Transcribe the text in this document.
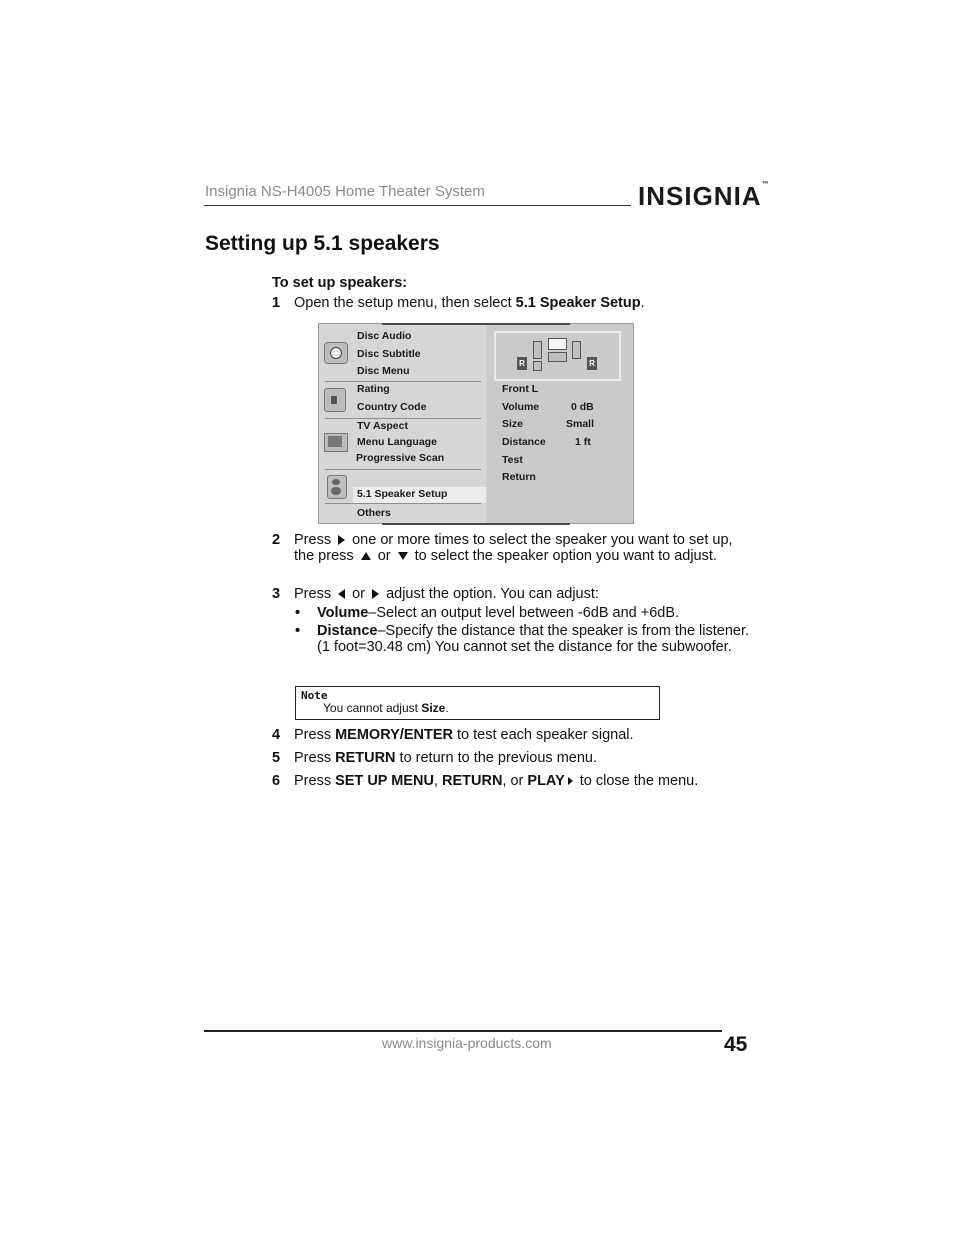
Insignia NS-H4005 Home Theater System	INSIGNIA™
Setting up 5.1 speakers
To set up speakers:
1 Open the setup menu, then select 5.1 Speaker Setup.
Disc Audio
Disc Subtitle
Disc Menu
Rating
Country Code
TV Aspect
Menu Language
Progressive Scan
5.1 Speaker Setup
Others
R	R
Front L
Volume	0 dB
Size	Small
Distance	1 ft
Test
Return
2 Press  one or more times to select the speaker you want to set up, the press  or  to select the speaker option you want to adjust.
3 Press  or  adjust the option. You can adjust:
• Volume–Select an output level between -6dB and +6dB.
• Distance–Specify the distance that the speaker is from the listener. (1 foot=30.48 cm) You cannot set the distance for the subwoofer.
Note
You cannot adjust Size.
4 Press MEMORY/ENTER to test each speaker signal.
5 Press RETURN to return to the previous menu.
6 Press SET UP MENU, RETURN, or PLAY to close the menu.
www.insignia-products.com	45
